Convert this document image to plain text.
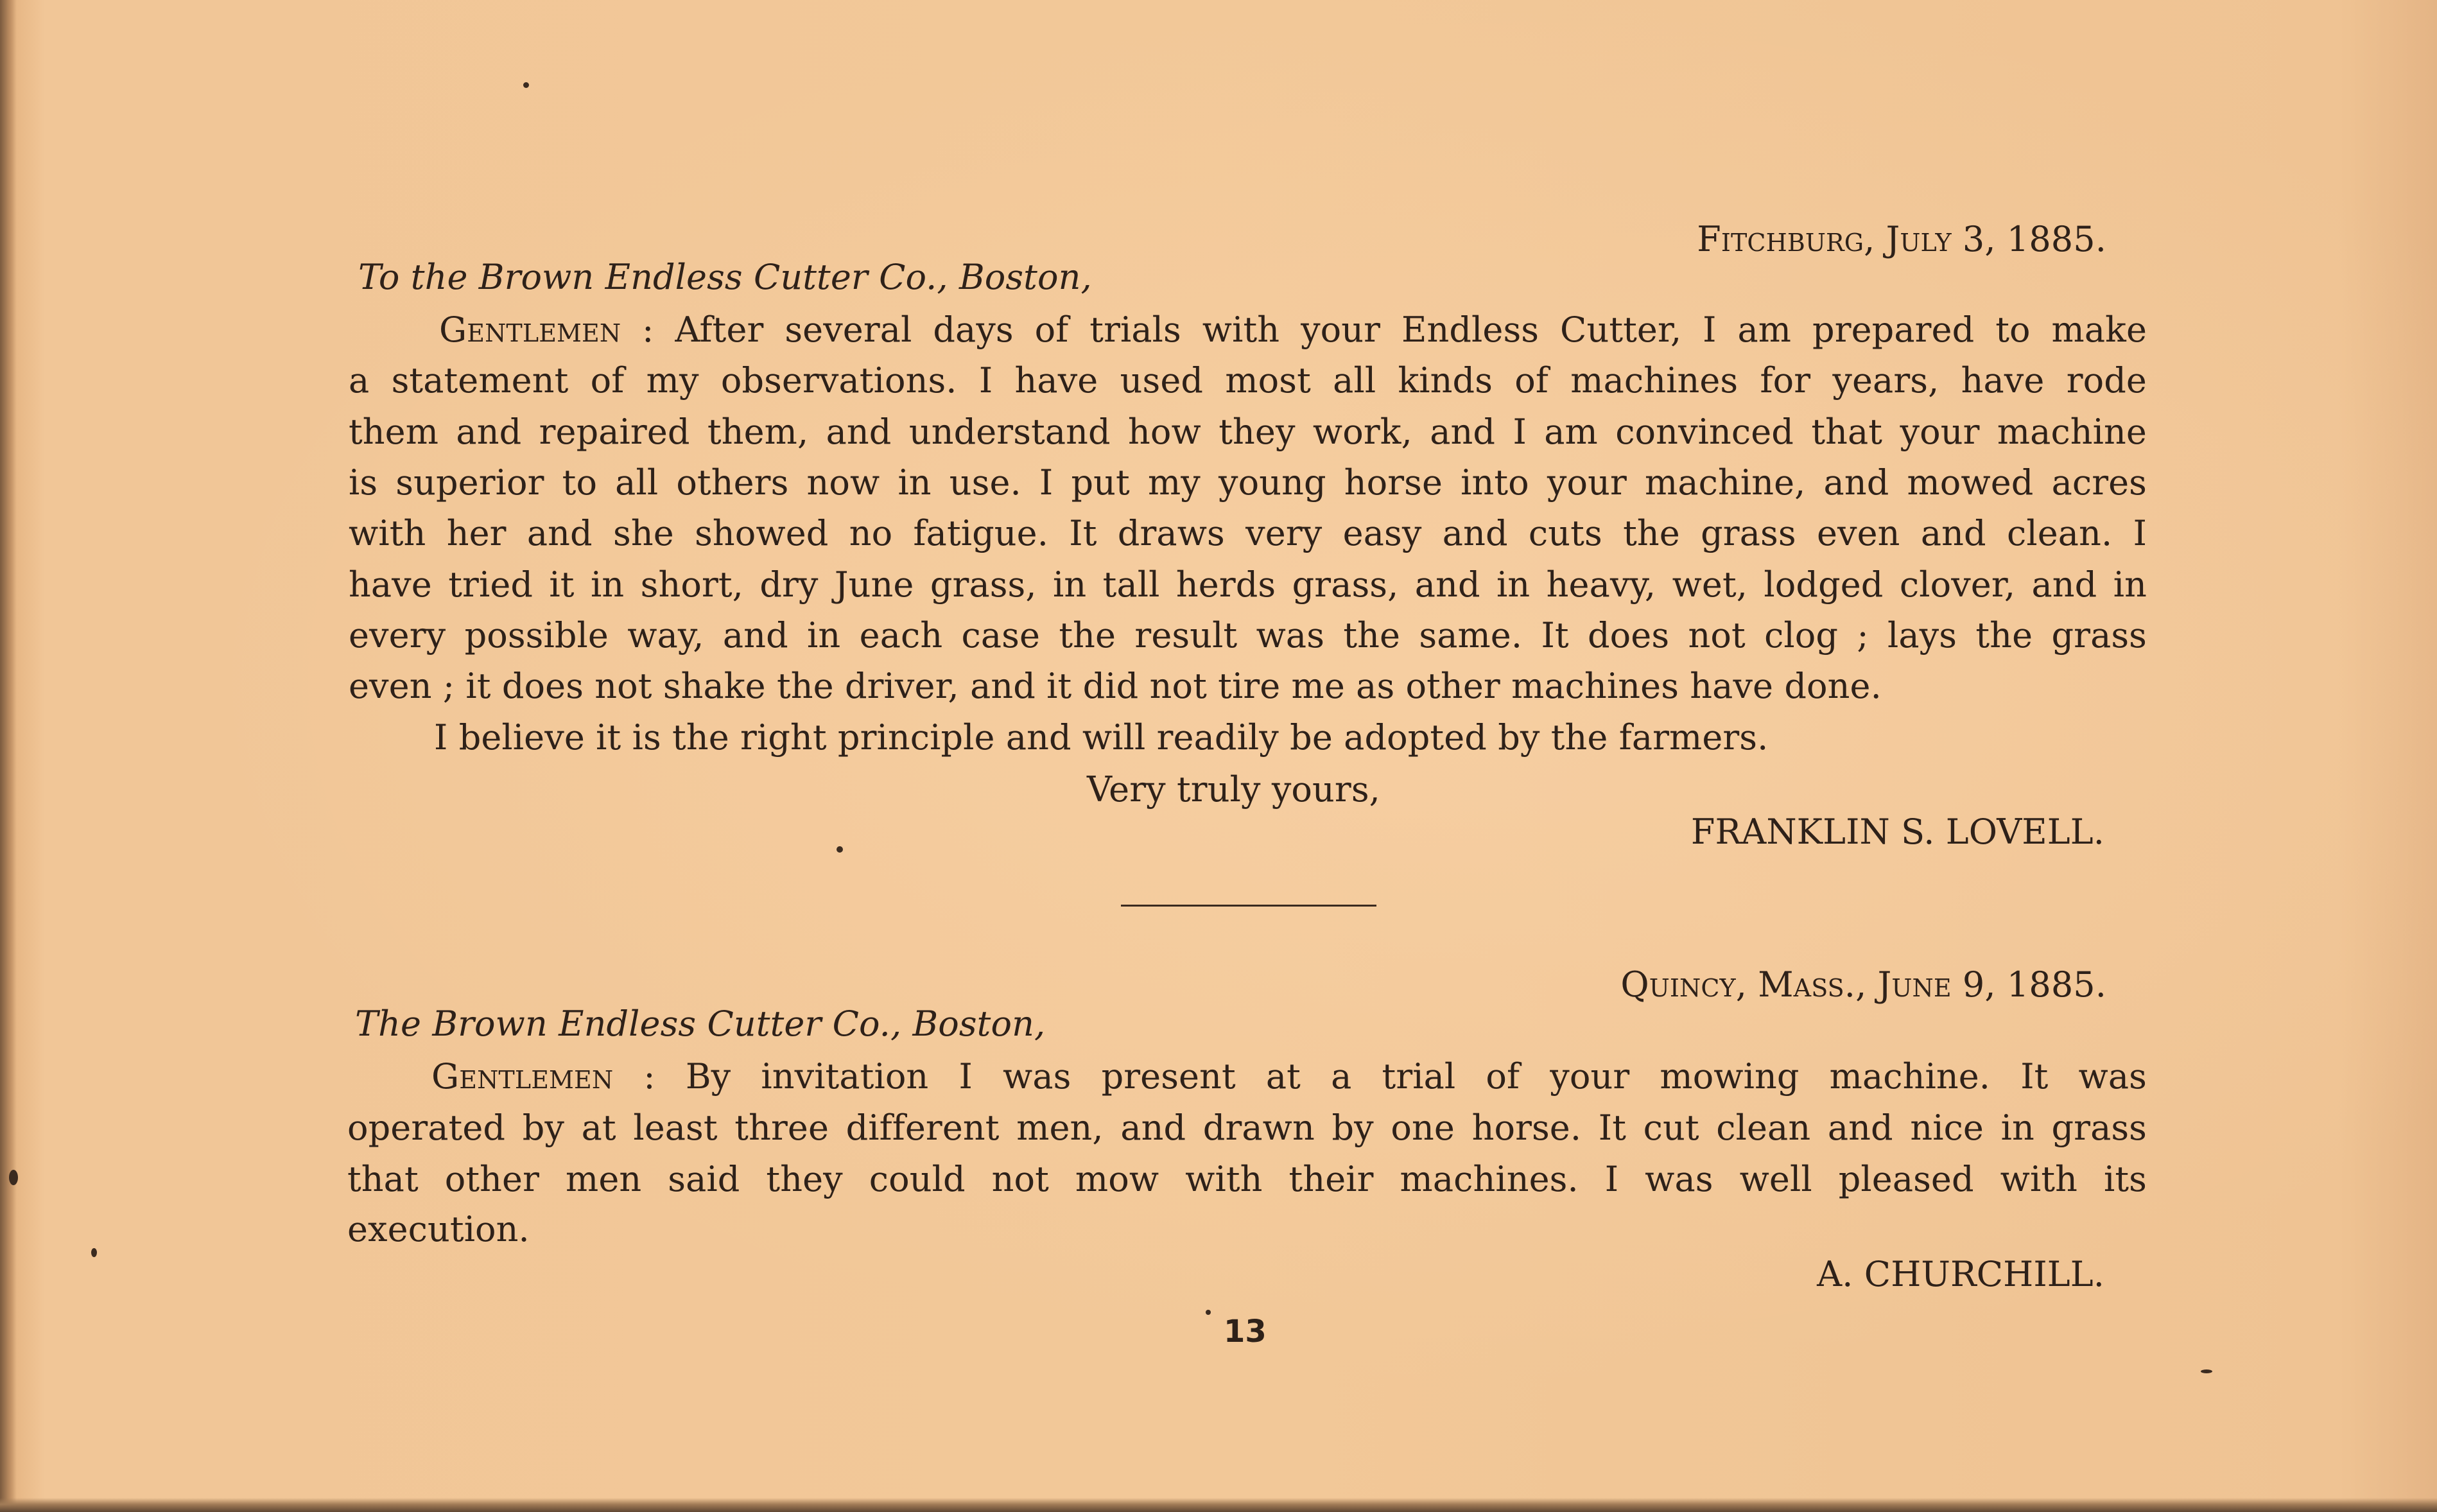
Fitchburg, July 3, 1885.
To the Brown Endless Cutter Co., Boston,
Gentlemen : After several days of trials with your Endless Cutter, I am prepared to make
a statement of my observations. I have used most all kinds of machines for years, have rode
them and repaired them, and understand how they work, and I am convinced that your machine
is superior to all others now in use. I put my young horse into your machine, and mowed acres
with her and she showed no fatigue. It draws very easy and cuts the grass even and clean. I
have tried it in short, dry June grass, in tall herds grass, and in heavy, wet, lodged clover, and in
every possible way, and in each case the result was the same. It does not clog ; lays the grass
even ; it does not shake the driver, and it did not tire me as other machines have done.
I believe it is the right principle and will readily be adopted by the farmers.
Very truly yours,
FRANKLIN S. LOVELL.
Quincy, Mass., June 9, 1885.
The Brown Endless Cutter Co., Boston,
Gentlemen : By invitation I was present at a trial of your mowing machine. It was
operated by at least three different men, and drawn by one horse. It cut clean and nice in grass
that other men said they could not mow with their machines. I was well pleased with its
execution.
A. CHURCHILL.
13
